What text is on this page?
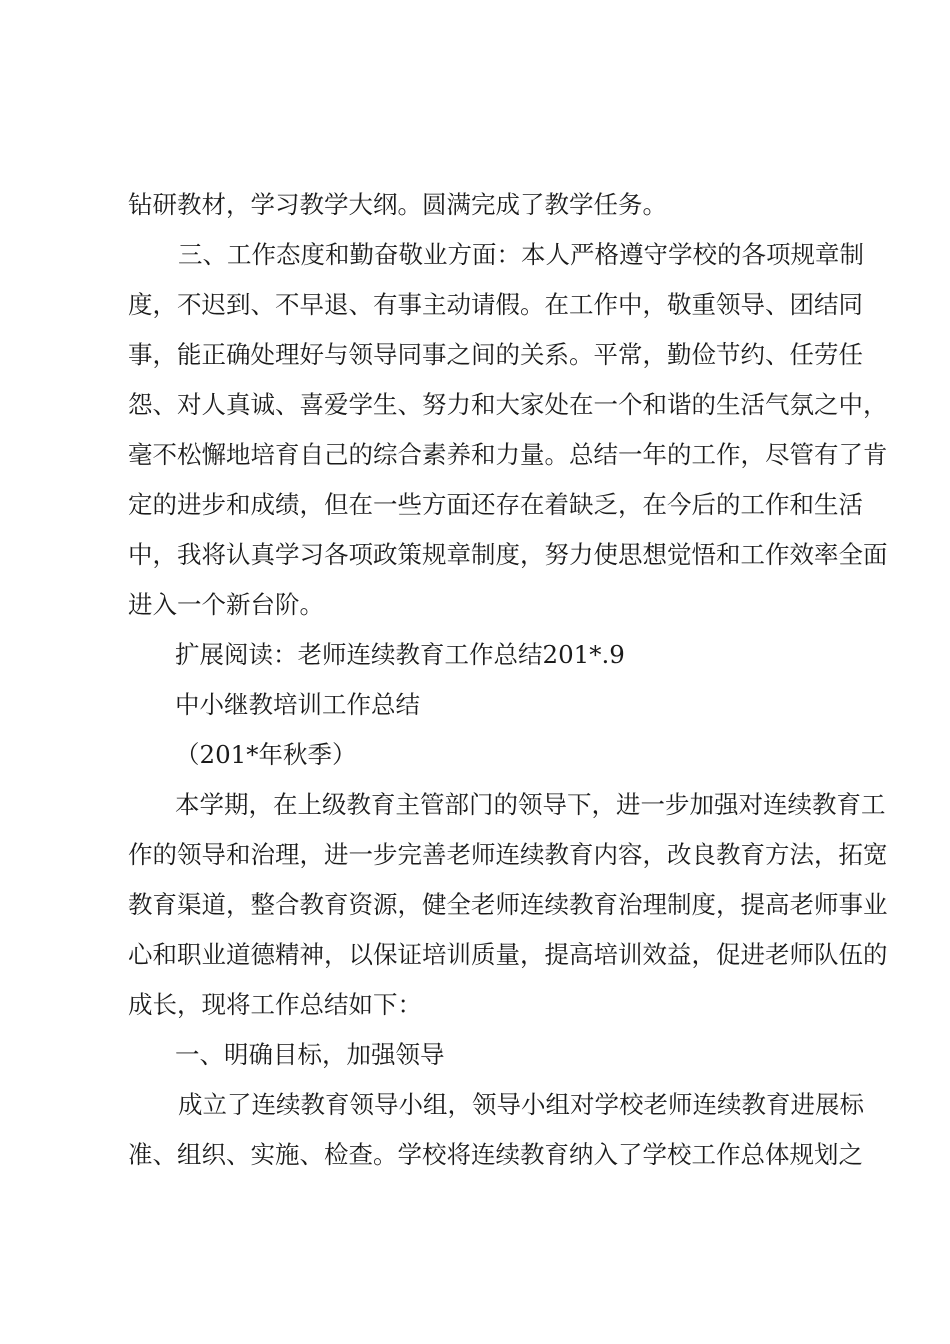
钻研教材，学习教学大纲。圆满完成了教学任务。
三、工作态度和勤奋敬业方面：本人严格遵守学校的各项规章制
度，不迟到、不早退、有事主动请假。在工作中，敬重领导、团结同
事，能正确处理好与领导同事之间的关系。平常，勤俭节约、任劳任
怨、对人真诚、喜爱学生、努力和大家处在一个和谐的生活气氛之中，
毫不松懈地培育自己的综合素养和力量。总结一年的工作，尽管有了肯
定的进步和成绩，但在一些方面还存在着缺乏，在今后的工作和生活
中，我将认真学习各项政策规章制度，努力使思想觉悟和工作效率全面
进入一个新台阶。
扩展阅读：老师连续教育工作总结201*.9
中小继教培训工作总结
（201*年秋季）
本学期，在上级教育主管部门的领导下，进一步加强对连续教育工
作的领导和治理，进一步完善老师连续教育内容，改良教育方法，拓宽
教育渠道，整合教育资源，健全老师连续教育治理制度，提高老师事业
心和职业道德精神，以保证培训质量，提高培训效益，促进老师队伍的
成长，现将工作总结如下：
一、明确目标，加强领导
成立了连续教育领导小组，领导小组对学校老师连续教育进展标
准、组织、实施、检查。学校将连续教育纳入了学校工作总体规划之
